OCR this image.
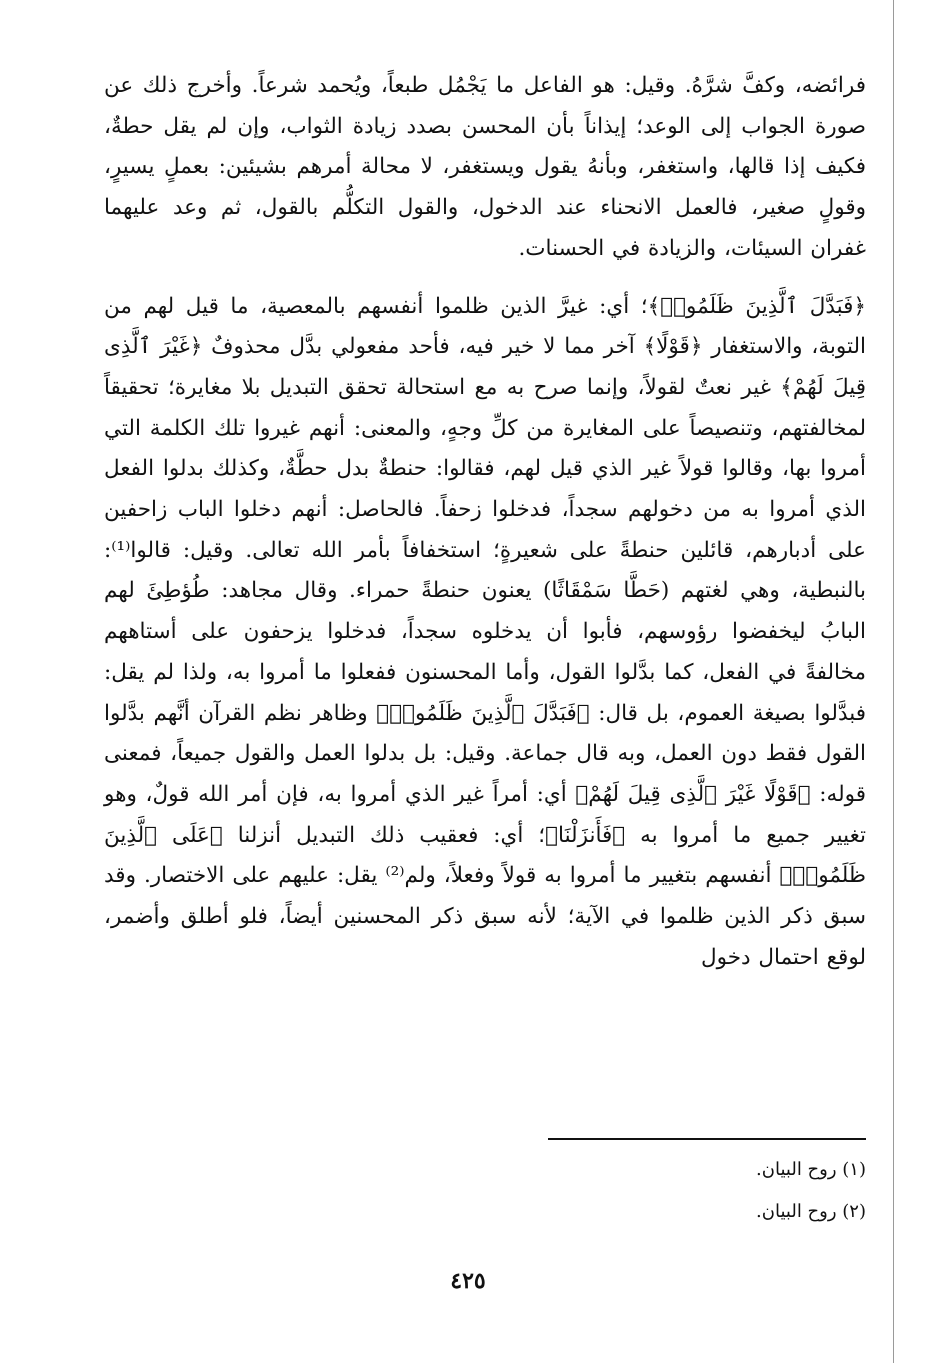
فرائضه، وكفَّ شرَّهُ. وقيل: هو الفاعل ما يَجْمُل طبعاً، ويُحمد شرعاً. وأخرج ذلك عن صورة الجواب إلى الوعد؛ إيذاناً بأن المحسن بصدد زيادة الثواب، وإن لم يقل حطةٌ، فكيف إذا قالها، واستغفر، وبأنهُ يقول ويستغفر، لا محالة أمرهم بشيئين: بعملٍ يسيرٍ، وقولٍ صغير، فالعمل الانحناء عند الدخول، والقول التكلُّم بالقول، ثم وعد عليهما غفران السيئات، والزيادة في الحسنات.

﴿فَبَدَّلَ ٱلَّذِينَ ظَلَمُوا۟﴾؛ أي: غيرَّ الذين ظلموا أنفسهم بالمعصية، ما قيل لهم من التوبة، والاستغفار ﴿قَوْلًا﴾ آخر مما لا خير فيه، فأحد مفعولي بدَّل محذوفٌ ﴿غَيْرَ ٱلَّذِى قِيلَ لَهُمْ﴾ غير نعتٌ لقولاً، وإنما صرح به مع استحالة تحقق التبديل بلا مغايرة؛ تحقيقاً لمخالفتهم، وتنصيصاً على المغايرة من كلِّ وجهٍ، والمعنى: أنهم غيروا تلك الكلمة التي أمروا بها، وقالوا قولاً غير الذي قيل لهم، فقالوا: حنطةٌ بدل حطَّةٌ، وكذلك بدلوا الفعل الذي أمروا به من دخولهم سجداً، فدخلوا زحفاً. فالحاصل: أنهم دخلوا الباب زاحفين على أدبارهم، قائلين حنطةً على شعيرةٍ؛ استخفافاً بأمر الله تعالى. وقيل: قالوا⁽¹⁾: بالنبطية، وهي لغتهم (حَطَّا سَمْقَاثًا) يعنون حنطةً حمراء. وقال مجاهد: طُؤطِئَ لهم البابُ ليخفضوا رؤوسهم، فأبوا أن يدخلوه سجداً، فدخلوا يزحفون على أستاههم مخالفةً في الفعل، كما بدَّلوا القول، وأما المحسنون ففعلوا ما أمروا به، ولذا لم يقل: فبدَّلوا بصيغة العموم، بل قال: ﴿فَبَدَّلَ ٱلَّذِينَ ظَلَمُوا۟﴾ وظاهر نظم القرآن أنَّهم بدَّلوا القول فقط دون العمل، وبه قال جماعة. وقيل: بل بدلوا العمل والقول جميعاً، فمعنى قوله: ﴿قَوْلًا غَيْرَ ٱلَّذِى قِيلَ لَهُمْ﴾ أي: أمراً غير الذي أمروا به، فإن أمر الله قولٌ، وهو تغيير جميع ما أمروا به ﴿فَأَنزَلْنَا﴾؛ أي: فعقيب ذلك التبديل أنزلنا ﴿عَلَى ٱلَّذِينَ ظَلَمُوا۟﴾ أنفسهم بتغيير ما أمروا به قولاً وفعلاً، ولم⁽²⁾ يقل: عليهم على الاختصار. وقد سبق ذكر الذين ظلموا في الآية؛ لأنه سبق ذكر المحسنين أيضاً، فلو أطلق وأضمر، لوقع احتمال دخول

(١) روح البيان.
(٢) روح البيان.
٤٢٥
